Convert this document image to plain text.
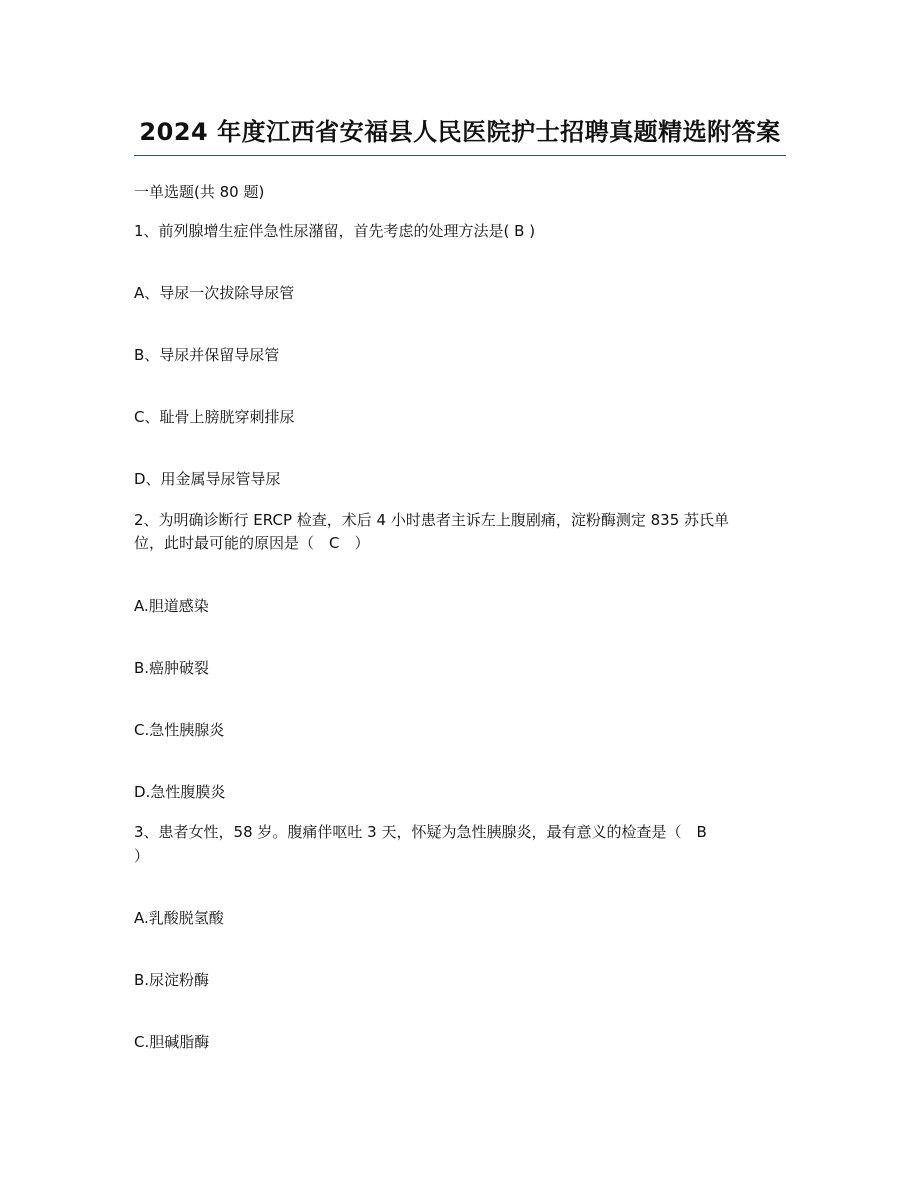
2024 年度江西省安福县人民医院护士招聘真题精选附答案
一单选题(共 80 题)
1、前列腺增生症伴急性尿潴留，首先考虑的处理方法是( B )
A、导尿一次拔除导尿管
B、导尿并保留导尿管
C、耻骨上膀胱穿刺排尿
D、用金属导尿管导尿
2、为明确诊断行 ERCP 检查，术后 4 小时患者主诉左上腹剧痛，淀粉酶测定 835 苏氏单
位，此时最可能的原因是（　C　）
A.胆道感染
B.癌肿破裂
C.急性胰腺炎
D.急性腹膜炎
3、患者女性，58 岁。腹痛伴呕吐 3 天，怀疑为急性胰腺炎，最有意义的检查是（　B
）
A.乳酸脱氢酸
B.尿淀粉酶
C.胆碱脂酶
